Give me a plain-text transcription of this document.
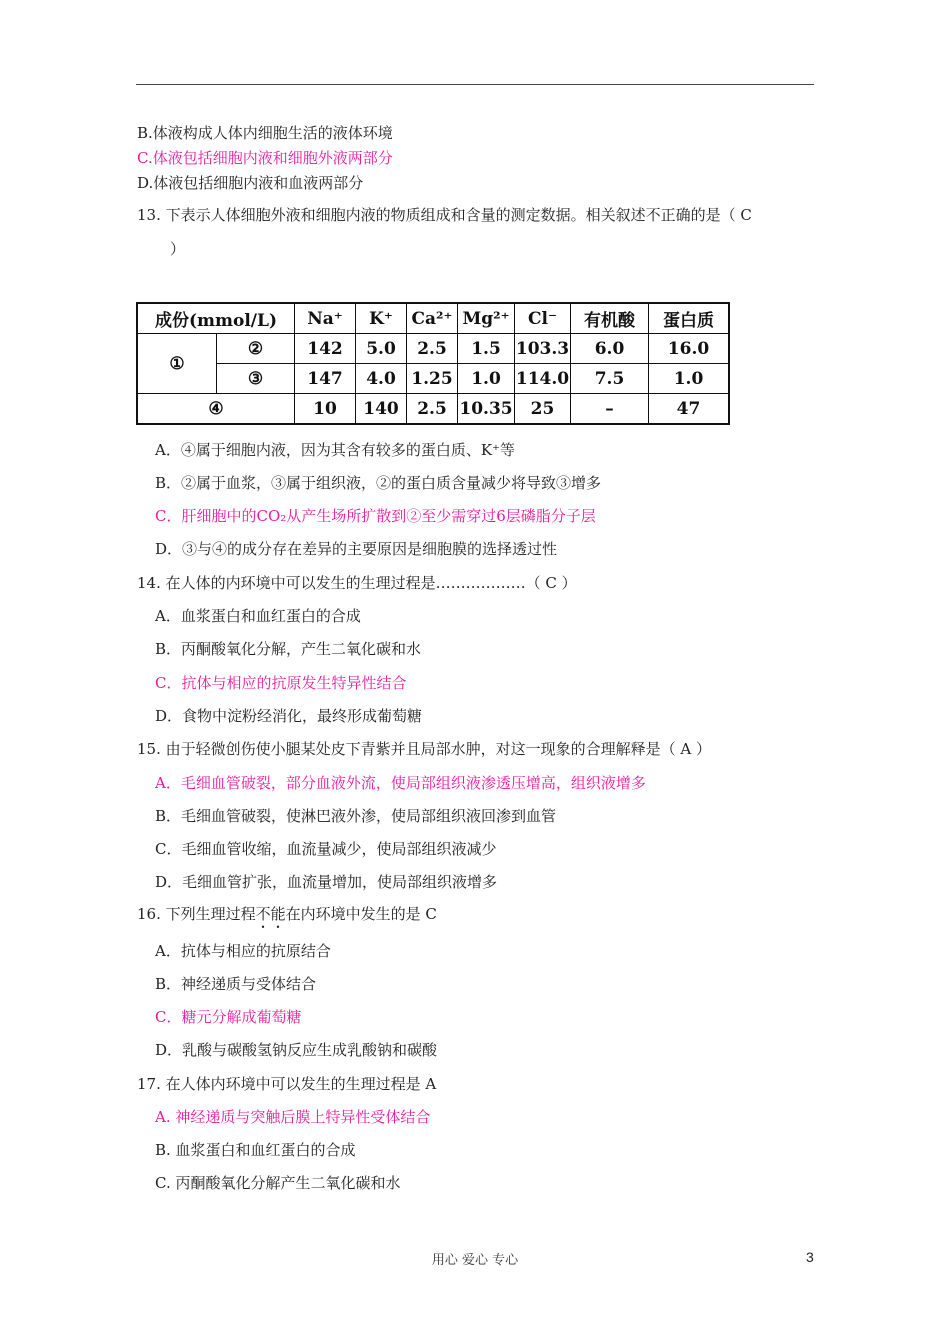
B.体液构成人体内细胞生活的液体环境
C.体液包括细胞内液和细胞外液两部分
D.体液包括细胞内液和血液两部分
13. 下表示人体细胞外液和细胞内液的物质组成和含量的测定数据。相关叙述不正确的是（ C
）
成份(mmol/L)		Na⁺	K⁺	Ca²⁺	Mg²⁺	Cl⁻	有机酸	蛋白质
①	②	142	5.0	2.5	1.5	103.3	6.0	16.0
	③	147	4.0	1.25	1.0	114.0	7.5	1.0
④		10	140	2.5	10.35	25	–	47
A．④属于细胞内液，因为其含有较多的蛋白质、K⁺等
B．②属于血浆，③属于组织液，②的蛋白质含量减少将导致③增多
C．肝细胞中的CO₂从产生场所扩散到②至少需穿过6层磷脂分子层
D．③与④的成分存在差异的主要原因是细胞膜的选择透过性
14. 在人体的内环境中可以发生的生理过程是………………（ C ）
A．血浆蛋白和血红蛋白的合成
B．丙酮酸氧化分解，产生二氧化碳和水
C．抗体与相应的抗原发生特异性结合
D．食物中淀粉经消化，最终形成葡萄糖
15. 由于轻微创伤使小腿某处皮下青紫并且局部水肿，对这一现象的合理解释是（ A ）
A．毛细血管破裂，部分血液外流，使局部组织液渗透压增高，组织液增多
B．毛细血管破裂，使淋巴液外渗，使局部组织液回渗到血管
C．毛细血管收缩，血流量减少，使局部组织液减少
D．毛细血管扩张，血流量增加，使局部组织液增多
16. 下列生理过程不能在内环境中发生的是 C
A．抗体与相应的抗原结合
B．神经递质与受体结合
C．糖元分解成葡萄糖
D．乳酸与碳酸氢钠反应生成乳酸钠和碳酸
17. 在人体内环境中可以发生的生理过程是 A
A. 神经递质与突触后膜上特异性受体结合
B. 血浆蛋白和血红蛋白的合成
C. 丙酮酸氧化分解产生二氧化碳和水
用心 爱心 专心	3
